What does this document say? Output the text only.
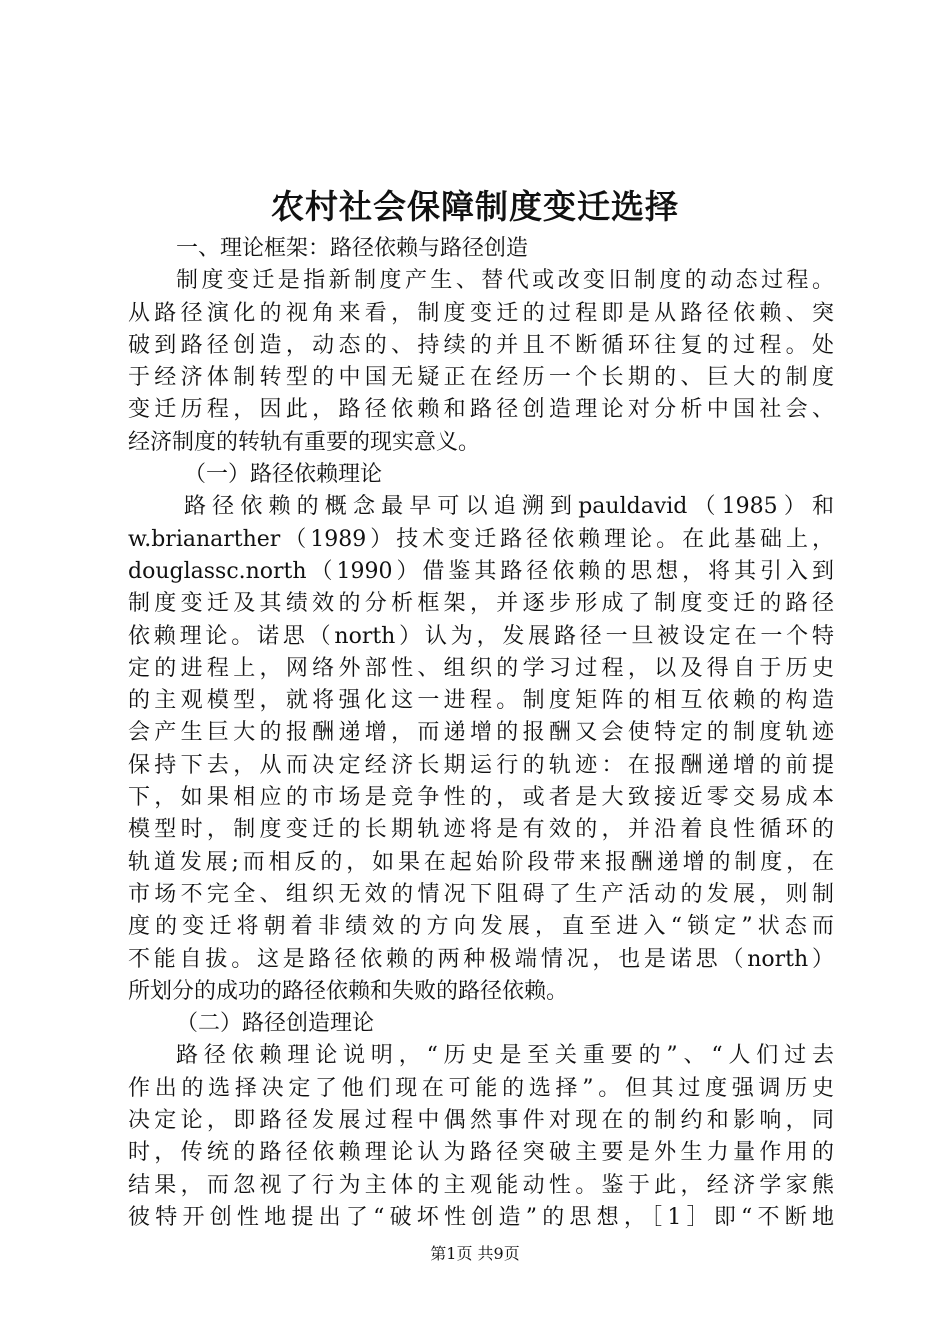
农村社会保障制度变迁选择
一、理论框架：路径依赖与路径创造
制度变迁是指新制度产生、替代或改变旧制度的动态过程。
从路径演化的视角来看，制度变迁的过程即是从路径依赖、突
破到路径创造，动态的、持续的并且不断循环往复的过程。处
于经济体制转型的中国无疑正在经历一个长期的、巨大的制度
变迁历程，因此，路径依赖和路径创造理论对分析中国社会、
经济制度的转轨有重要的现实意义。
（一）路径依赖理论
路径依赖的概念最早可以追溯到pauldavid（1985）和
w.brianarther（1989）技术变迁路径依赖理论。在此基础上，
douglassc.north（1990）借鉴其路径依赖的思想，将其引入到
制度变迁及其绩效的分析框架，并逐步形成了制度变迁的路径
依赖理论。诺思（north）认为，发展路径一旦被设定在一个特
定的进程上，网络外部性、组织的学习过程，以及得自于历史
的主观模型，就将强化这一进程。制度矩阵的相互依赖的构造
会产生巨大的报酬递增，而递增的报酬又会使特定的制度轨迹
保持下去，从而决定经济长期运行的轨迹：在报酬递增的前提
下，如果相应的市场是竞争性的，或者是大致接近零交易成本
模型时，制度变迁的长期轨迹将是有效的，并沿着良性循环的
轨道发展;而相反的，如果在起始阶段带来报酬递增的制度，在
市场不完全、组织无效的情况下阻碍了生产活动的发展，则制
度的变迁将朝着非绩效的方向发展，直至进入“锁定”状态而
不能自拔。这是路径依赖的两种极端情况，也是诺思（north）
所划分的成功的路径依赖和失败的路径依赖。
（二）路径创造理论
路径依赖理论说明，“历史是至关重要的”、“人们过去
作出的选择决定了他们现在可能的选择”。但其过度强调历史
决定论，即路径发展过程中偶然事件对现在的制约和影响，同
时，传统的路径依赖理论认为路径突破主要是外生力量作用的
结果，而忽视了行为主体的主观能动性。鉴于此，经济学家熊
彼特开创性地提出了“破坏性创造”的思想，［1］即“不断地
第1页 共9页
